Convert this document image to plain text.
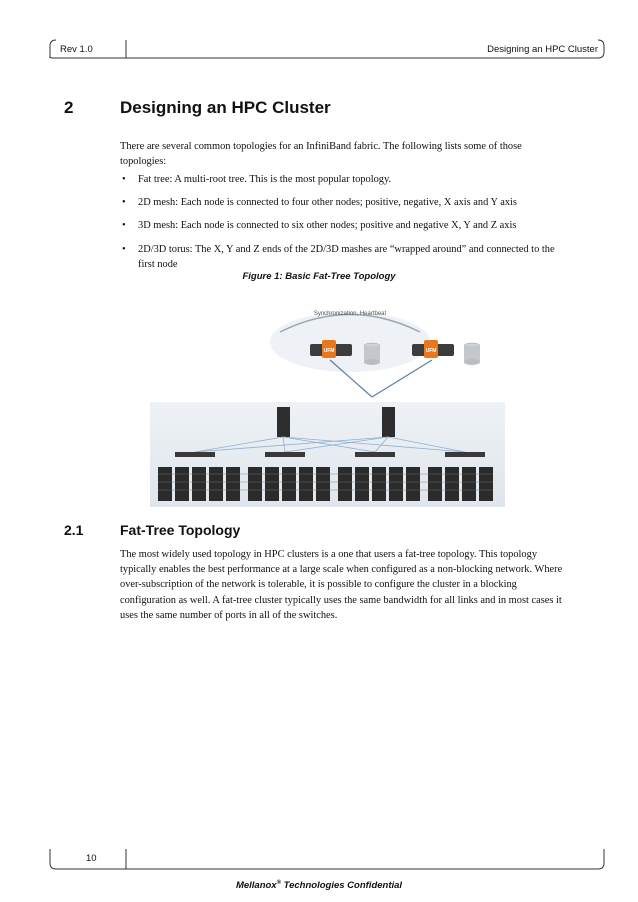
Rev 1.0	Designing an HPC Cluster
2	Designing an HPC Cluster
There are several common topologies for an InfiniBand fabric. The following lists some of those topologies:
• Fat tree: A multi-root tree. This is the most popular topology.
• 2D mesh: Each node is connected to four other nodes; positive, negative, X axis and Y axis
• 3D mesh: Each node is connected to six other nodes; positive and negative X, Y and Z axis
• 2D/3D torus: The X, Y and Z ends of the 2D/3D mashes are “wrapped around” and connected to the first node
Figure 1: Basic Fat-Tree Topology
Synchronization, Heartbeat
UFM	UFM
2.1	Fat-Tree Topology
The most widely used topology in HPC clusters is a one that users a fat-tree topology. This topology typically enables the best performance at a large scale when configured as a non-blocking network. Where over-subscription of the network is tolerable, it is possible to configure the cluster in a blocking configuration as well. A fat-tree cluster typically uses the same bandwidth for all links and in most cases it uses the same number of ports in all of the switches.
10
Mellanox® Technologies Confidential
